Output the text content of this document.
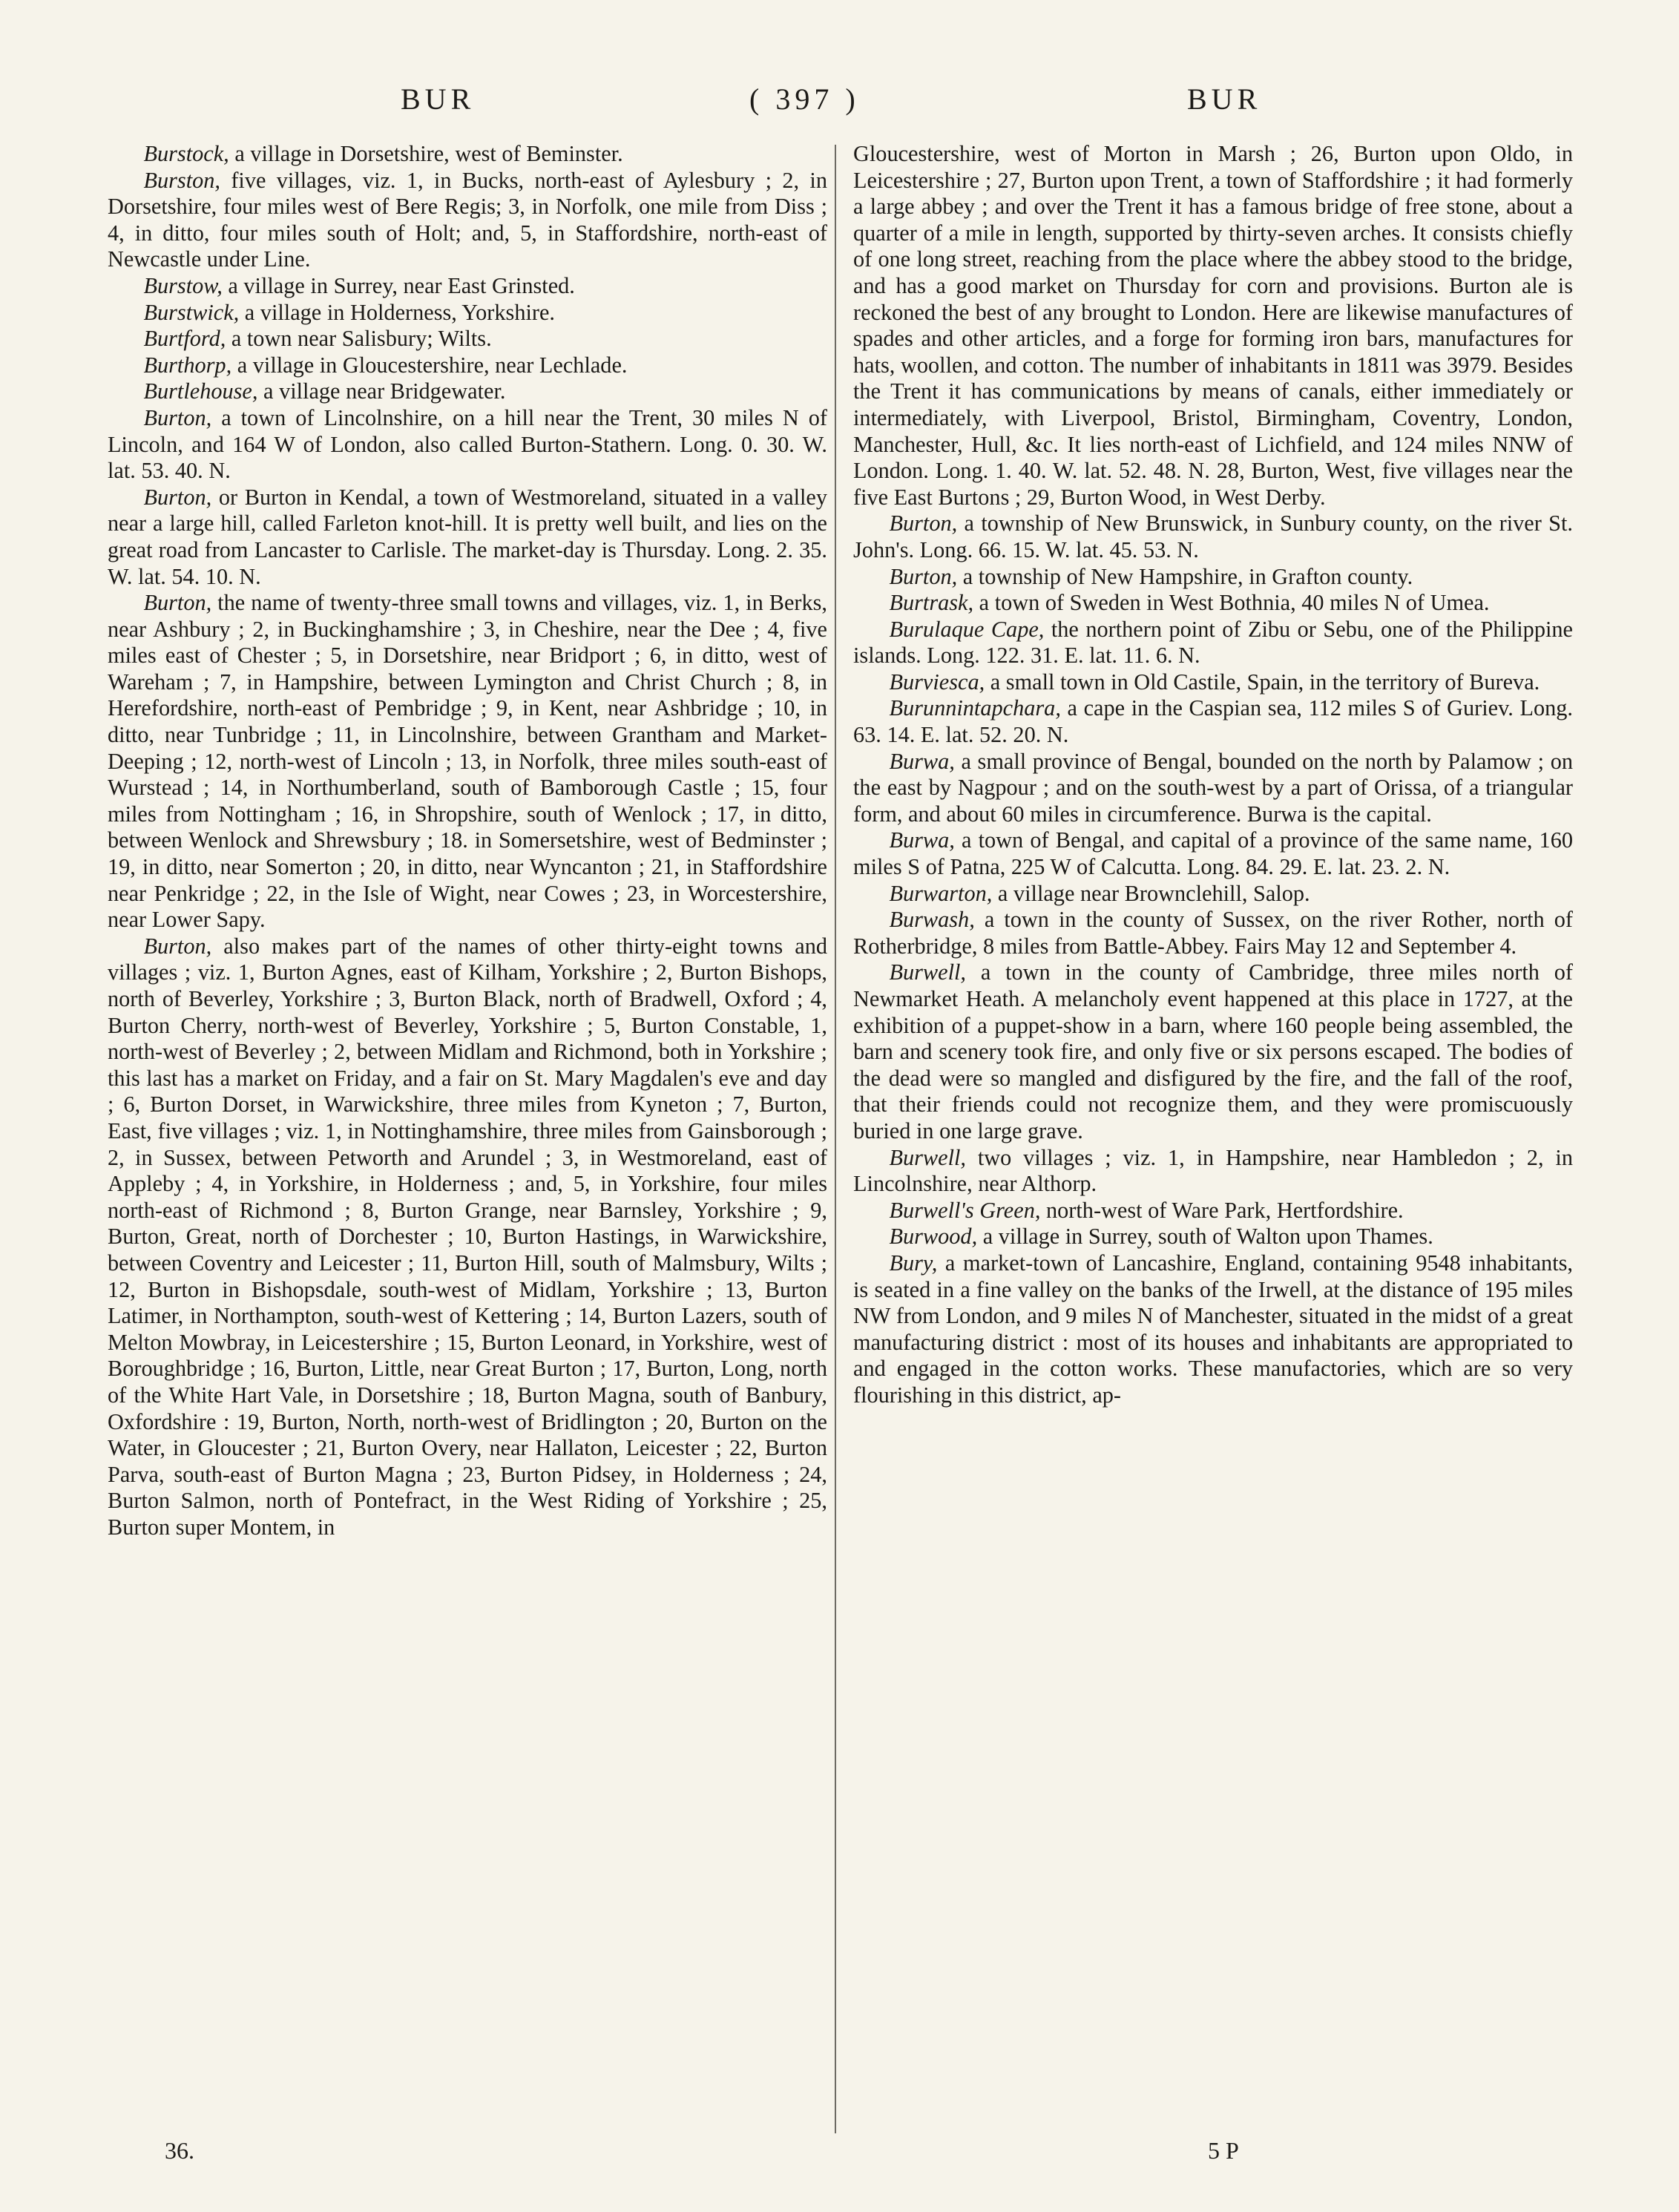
BUR	( 397 )	BUR

Burstock, a village in Dorsetshire, west of Beminster.

Burston, five villages, viz. 1, in Bucks, north-east of Aylesbury ; 2, in Dorsetshire, four miles west of Bere Regis; 3, in Norfolk, one mile from Diss ; 4, in ditto, four miles south of Holt; and, 5, in Staffordshire, north-east of Newcastle under Line.

Burstow, a village in Surrey, near East Grinsted.

Burstwick, a village in Holderness, Yorkshire.

Burtford, a town near Salisbury; Wilts.

Burthorp, a village in Gloucestershire, near Lechlade.

Burtlehouse, a village near Bridgewater.

Burton, a town of Lincolnshire, on a hill near the Trent, 30 miles N of Lincoln, and 164 W of London, also called Burton-Stathern. Long. 0. 30. W. lat. 53. 40. N.

Burton, or Burton in Kendal, a town of Westmoreland, situated in a valley near a large hill, called Farleton knot-hill. It is pretty well built, and lies on the great road from Lancaster to Carlisle. The market-day is Thursday. Long. 2. 35. W. lat. 54. 10. N.

Burton, the name of twenty-three small towns and villages, viz. 1, in Berks, near Ashbury ; 2, in Buckinghamshire ; 3, in Cheshire, near the Dee ; 4, five miles east of Chester ; 5, in Dorsetshire, near Bridport ; 6, in ditto, west of Wareham ; 7, in Hampshire, between Lymington and Christ Church ; 8, in Herefordshire, north-east of Pembridge ; 9, in Kent, near Ashbridge ; 10, in ditto, near Tunbridge ; 11, in Lincolnshire, between Grantham and Market-Deeping ; 12, north-west of Lincoln ; 13, in Norfolk, three miles south-east of Wurstead ; 14, in Northumberland, south of Bamborough Castle ; 15, four miles from Nottingham ; 16, in Shropshire, south of Wenlock ; 17, in ditto, between Wenlock and Shrewsbury ; 18. in Somersetshire, west of Bedminster ; 19, in ditto, near Somerton ; 20, in ditto, near Wyncanton ; 21, in Staffordshire near Penkridge ; 22, in the Isle of Wight, near Cowes ; 23, in Worcestershire, near Lower Sapy.

Burton, also makes part of the names of other thirty-eight towns and villages ; viz. 1, Burton Agnes, east of Kilham, Yorkshire ; 2, Burton Bishops, north of Beverley, Yorkshire ; 3, Burton Black, north of Bradwell, Oxford ; 4, Burton Cherry, north-west of Beverley, Yorkshire ; 5, Burton Constable, 1, north-west of Beverley ; 2, between Midlam and Richmond, both in Yorkshire ; this last has a market on Friday, and a fair on St. Mary Magdalen's eve and day ; 6, Burton Dorset, in Warwickshire, three miles from Kyneton ; 7, Burton, East, five villages ; viz. 1, in Nottinghamshire, three miles from Gainsborough ; 2, in Sussex, between Petworth and Arundel ; 3, in Westmoreland, east of Appleby ; 4, in Yorkshire, in Holderness ; and, 5, in Yorkshire, four miles north-east of Richmond ; 8, Burton Grange, near Barnsley, Yorkshire ; 9, Burton, Great, north of Dorchester ; 10, Burton Hastings, in Warwickshire, between Coventry and Leicester ; 11, Burton Hill, south of Malmsbury, Wilts ; 12, Burton in Bishopsdale, south-west of Midlam, Yorkshire ; 13, Burton Latimer, in Northampton, south-west of Kettering ; 14, Burton Lazers, south of Melton Mowbray, in Leicestershire ; 15, Burton Leonard, in Yorkshire, west of Boroughbridge ; 16, Burton, Little, near Great Burton ; 17, Burton, Long, north of the White Hart Vale, in Dorsetshire ; 18, Burton Magna, south of Banbury, Oxfordshire : 19, Burton, North, north-west of Bridlington ; 20, Burton on the Water, in Gloucester ; 21, Burton Overy, near Hallaton, Leicester ; 22, Burton Parva, south-east of Burton Magna ; 23, Burton Pidsey, in Holderness ; 24, Burton Salmon, north of Pontefract, in the West Riding of Yorkshire ; 25, Burton super Montem, in

Gloucestershire, west of Morton in Marsh ; 26, Burton upon Oldo, in Leicestershire ; 27, Burton upon Trent, a town of Staffordshire ; it had formerly a large abbey ; and over the Trent it has a famous bridge of free stone, about a quarter of a mile in length, supported by thirty-seven arches. It consists chiefly of one long street, reaching from the place where the abbey stood to the bridge, and has a good market on Thursday for corn and provisions. Burton ale is reckoned the best of any brought to London. Here are likewise manufactures of spades and other articles, and a forge for forming iron bars, manufactures for hats, woollen, and cotton. The number of inhabitants in 1811 was 3979. Besides the Trent it has communications by means of canals, either immediately or intermediately, with Liverpool, Bristol, Birmingham, Coventry, London, Manchester, Hull, &c. It lies north-east of Lichfield, and 124 miles NNW of London. Long. 1. 40. W. lat. 52. 48. N. 28, Burton, West, five villages near the five East Burtons ; 29, Burton Wood, in West Derby.

Burton, a township of New Brunswick, in Sunbury county, on the river St. John's. Long. 66. 15. W. lat. 45. 53. N.

Burton, a township of New Hampshire, in Grafton county.

Burtrask, a town of Sweden in West Bothnia, 40 miles N of Umea.

Burulaque Cape, the northern point of Zibu or Sebu, one of the Philippine islands. Long. 122. 31. E. lat. 11. 6. N.

Burviesca, a small town in Old Castile, Spain, in the territory of Bureva.

Burunnintapchara, a cape in the Caspian sea, 112 miles S of Guriev. Long. 63. 14. E. lat. 52. 20. N.

Burwa, a small province of Bengal, bounded on the north by Palamow ; on the east by Nagpour ; and on the south-west by a part of Orissa, of a triangular form, and about 60 miles in circumference. Burwa is the capital.

Burwa, a town of Bengal, and capital of a province of the same name, 160 miles S of Patna, 225 W of Calcutta. Long. 84. 29. E. lat. 23. 2. N.

Burwarton, a village near Brownclehill, Salop.

Burwash, a town in the county of Sussex, on the river Rother, north of Rotherbridge, 8 miles from Battle-Abbey. Fairs May 12 and September 4.

Burwell, a town in the county of Cambridge, three miles north of Newmarket Heath. A melancholy event happened at this place in 1727, at the exhibition of a puppet-show in a barn, where 160 people being assembled, the barn and scenery took fire, and only five or six persons escaped. The bodies of the dead were so mangled and disfigured by the fire, and the fall of the roof, that their friends could not recognize them, and they were promiscuously buried in one large grave.

Burwell, two villages ; viz. 1, in Hampshire, near Hambledon ; 2, in Lincolnshire, near Althorp.

Burwell's Green, north-west of Ware Park, Hertfordshire.

Burwood, a village in Surrey, south of Walton upon Thames.

Bury, a market-town of Lancashire, England, containing 9548 inhabitants, is seated in a fine valley on the banks of the Irwell, at the distance of 195 miles NW from London, and 9 miles N of Manchester, situated in the midst of a great manufacturing district : most of its houses and inhabitants are appropriated to and engaged in the cotton works. These manufactories, which are so very flourishing in this district, ap-

36.	5 P
